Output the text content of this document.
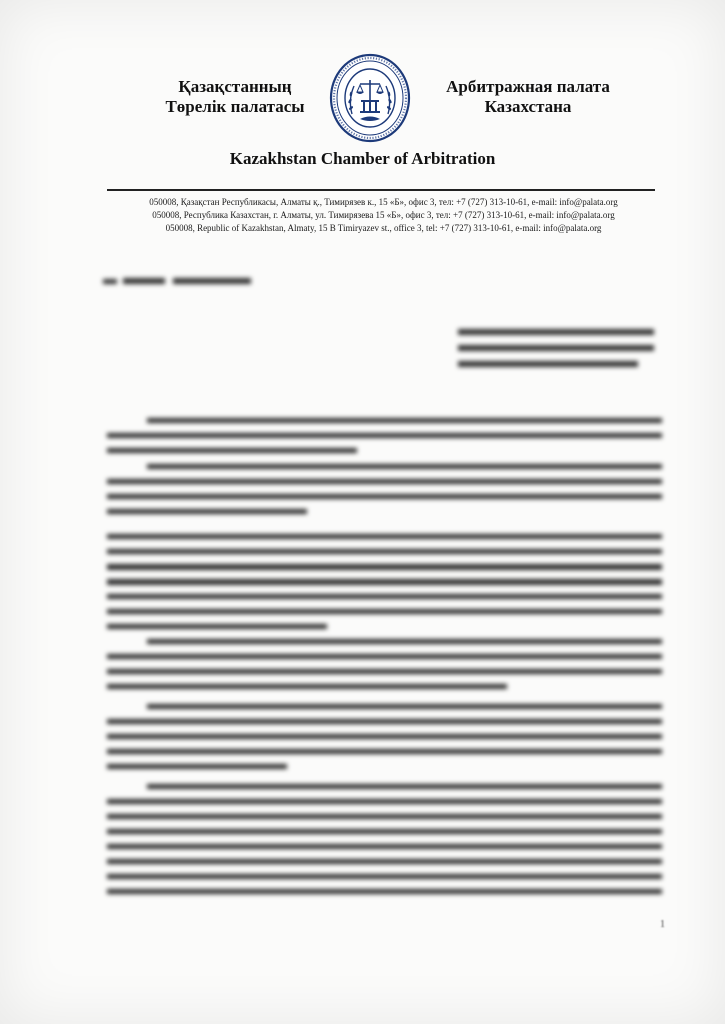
Қазақстанның
Төрелік палатасы
Арбитражная палата
Казахстана
Kazakhstan Chamber of Arbitration
050008, Қазақстан Республикасы, Алматы қ., Тимирязев к., 15 «Б», офис 3, тел: +7 (727) 313-10-61, e-mail: info@palata.org
050008, Республика Казахстан, г. Алматы, ул. Тимирязева 15 «Б», офис 3, тел: +7 (727) 313-10-61, e-mail: info@palata.org
050008, Republic of Kazakhstan, Almaty, 15 B Timiryazev st., office 3, tel: +7 (727) 313-10-61, e-mail: info@palata.org
1
